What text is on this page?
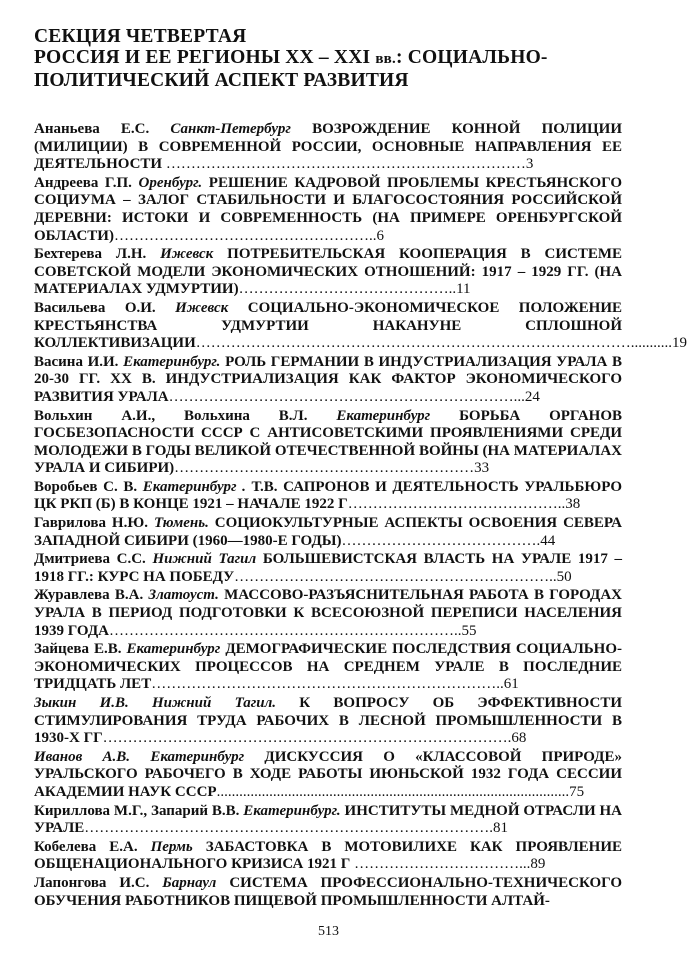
СЕКЦИЯ ЧЕТВЕРТАЯ
РОССИЯ И ЕЕ РЕГИОНЫ XX – XXI вв.: СОЦИАЛЬНО-
ПОЛИТИЧЕСКИЙ АСПЕКТ РАЗВИТИЯ

Ананьева Е.С. Санкт-Петербург ВОЗРОЖДЕНИЕ КОННОЙ ПОЛИЦИИ (МИЛИЦИИ) В СОВРЕМЕННОЙ РОССИИ, ОСНОВНЫЕ НАПРАВЛЕНИЯ ЕЕ ДЕЯТЕЛЬНОСТИ ………………………………………………………………3

Андреева Г.П. Оренбург. РЕШЕНИЕ КАДРОВОЙ ПРОБЛЕМЫ КРЕСТЬЯНСКОГО СОЦИУМА – ЗАЛОГ СТАБИЛЬНОСТИ И БЛАГОСОСТОЯНИЯ РОССИЙСКОЙ ДЕРЕВНИ: ИСТОКИ И СОВРЕМЕННОСТЬ (НА ПРИМЕРЕ ОРЕНБУРГСКОЙ ОБЛАСТИ)……………………………………………..6

Бехтерева Л.Н. Ижевск ПОТРЕБИТЕЛЬСКАЯ КООПЕРАЦИЯ В СИСТЕМЕ СОВЕТСКОЙ МОДЕЛИ ЭКОНОМИЧЕСКИХ ОТНОШЕНИЙ: 1917 – 1929 ГГ. (НА МАТЕРИАЛАХ УДМУРТИИ)……………………………………..11

Васильева О.И. Ижевск СОЦИАЛЬНО-ЭКОНОМИЧЕСКОЕ ПОЛОЖЕНИЕ КРЕСТЬЯНСТВА УДМУРТИИ НАКАНУНЕ СПЛОШНОЙ КОЛЛЕКТИВИЗАЦИИ……………………………………………………………………………...........19

Васина И.И. Екатеринбург. РОЛЬ ГЕРМАНИИ В ИНДУСТРИАЛИЗАЦИЯ УРАЛА В 20-30 ГГ. ХХ В. ИНДУСТРИАЛИЗАЦИЯ КАК ФАКТОР ЭКОНОМИЧЕСКОГО РАЗВИТИЯ УРАЛА……………………………………………………………...24

Вольхин А.И., Вольхина В.Л. Екатеринбург БОРЬБА ОРГАНОВ ГОСБЕЗОПАСНОСТИ СССР С АНТИСОВЕТСКИМИ ПРОЯВЛЕНИЯМИ СРЕДИ МОЛОДЕЖИ В ГОДЫ ВЕЛИКОЙ ОТЕЧЕСТВЕННОЙ ВОЙНЫ (НА МАТЕРИАЛАХ УРАЛА И СИБИРИ)……………………………………………………33

Воробьев С. В. Екатеринбург . Т.В. САПРОНОВ И ДЕЯТЕЛЬНОСТЬ УРАЛЬБЮРО ЦК РКП (Б) В КОНЦЕ 1921 – НАЧАЛЕ 1922 Г……………………………………..38

Гаврилова Н.Ю. Тюмень. СОЦИОКУЛЬТУРНЫЕ АСПЕКТЫ ОСВОЕНИЯ СЕВЕРА ЗАПАДНОЙ СИБИРИ (1960—1980-Е ГОДЫ)………………………………….44

Дмитриева С.С. Нижний Тагил БОЛЬШЕВИСТСКАЯ ВЛАСТЬ НА УРАЛЕ 1917 – 1918 ГГ.: КУРС НА ПОБЕДУ………………………………………………………..50

Журавлева В.А. Златоуст. МАССОВО-РАЗЪЯСНИТЕЛЬНАЯ РАБОТА В ГОРОДАХ УРАЛА В ПЕРИОД ПОДГОТОВКИ К ВСЕСОЮЗНОЙ ПЕРЕПИСИ НАСЕЛЕНИЯ 1939 ГОДА……………………………………………………………..55

Зайцева Е.В. Екатеринбург ДЕМОГРАФИЧЕСКИЕ ПОСЛЕДСТВИЯ СОЦИАЛЬНО-ЭКОНОМИЧЕСКИХ ПРОЦЕССОВ НА СРЕДНЕМ УРАЛЕ В ПОСЛЕДНИЕ ТРИДЦАТЬ ЛЕТ……………………………………………………………..61

Зыкин И.В. Нижний Тагил. К ВОПРОСУ ОБ ЭФФЕКТИВНОСТИ СТИМУЛИРОВАНИЯ ТРУДА РАБОЧИХ В ЛЕСНОЙ ПРОМЫШЛЕННОСТИ В 1930-Х ГГ……………………………………………………………………….68

Иванов А.В. Екатеринбург ДИСКУССИЯ О «КЛАССОВОЙ ПРИРОДЕ» УРАЛЬСКОГО РАБОЧЕГО В ХОДЕ РАБОТЫ ИЮНЬСКОЙ 1932 ГОДА СЕССИИ АКАДЕМИИ НАУК СССР..............................................................................................75

Кириллова М.Г., Запарий В.В. Екатеринбург. ИНСТИТУТЫ МЕДНОЙ ОТРАСЛИ НА УРАЛЕ……………………………………………………………………….81

Кобелева Е.А. Пермь ЗАБАСТОВКА В МОТОВИЛИХЕ КАК ПРОЯВЛЕНИЕ ОБЩЕНАЦИОНАЛЬНОГО КРИЗИСА 1921 Г ……………………………...89

Лапонгова И.С. Барнаул СИСТЕМА ПРОФЕССИОНАЛЬНО-ТЕХНИЧЕСКОГО ОБУЧЕНИЯ РАБОТНИКОВ ПИЩЕВОЙ ПРОМЫШЛЕННОСТИ АЛТАЙ-

513
